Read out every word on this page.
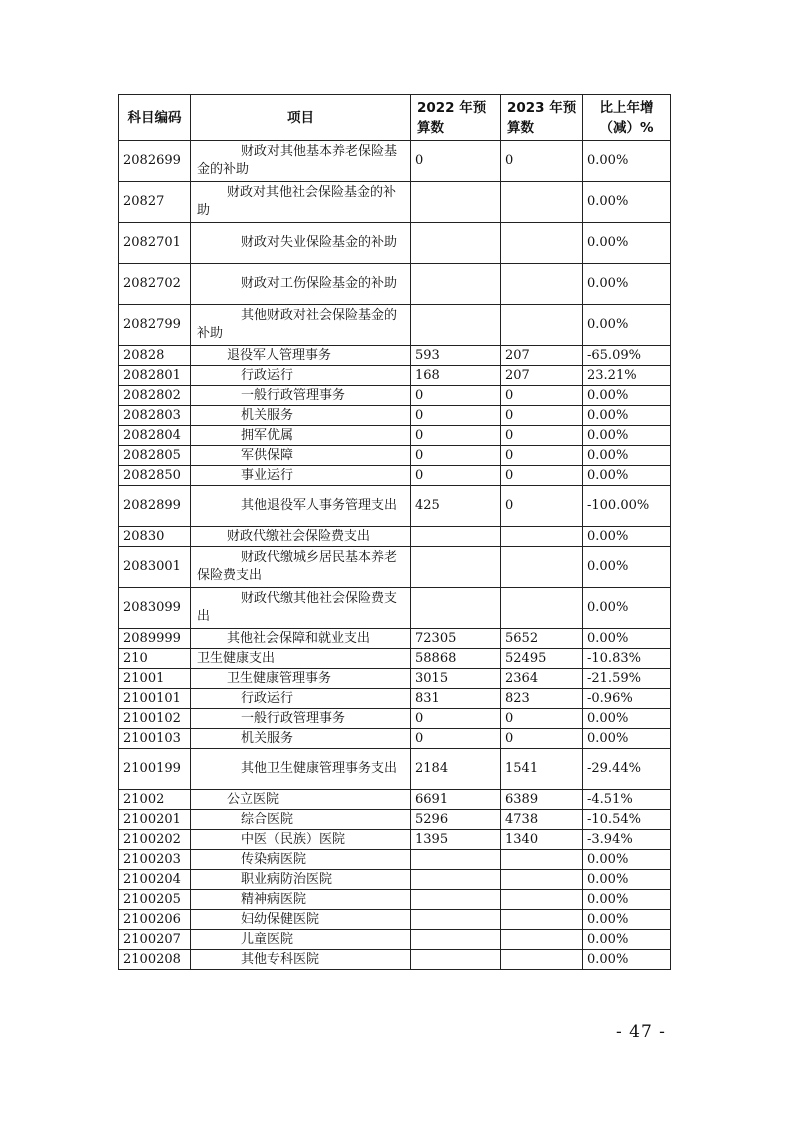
科目编码	项目	2022 年预算数	2023 年预算数	比上年增（减）%

2082699	财政对其他基本养老保险基金的补助	0	0	0.00%

20827	财政对其他社会保险基金的补助			0.00%

2082701	财政对失业保险基金的补助			0.00%

2082702	财政对工伤保险基金的补助			0.00%

2082799	其他财政对社会保险基金的补助			0.00%

20828	退役军人管理事务	593	207	-65.09%

2082801	行政运行	168	207	23.21%

2082802	一般行政管理事务	0	0	0.00%

2082803	机关服务	0	0	0.00%

2082804	拥军优属	0	0	0.00%

2082805	军供保障	0	0	0.00%

2082850	事业运行	0	0	0.00%

2082899	其他退役军人事务管理支出	425	0	-100.00%

20830	财政代缴社会保险费支出			0.00%

2083001	财政代缴城乡居民基本养老保险费支出			0.00%

2083099	财政代缴其他社会保险费支出			0.00%

2089999	其他社会保障和就业支出	72305	5652	0.00%

210	卫生健康支出	58868	52495	-10.83%

21001	卫生健康管理事务	3015	2364	-21.59%

2100101	行政运行	831	823	-0.96%

2100102	一般行政管理事务	0	0	0.00%

2100103	机关服务	0	0	0.00%

2100199	其他卫生健康管理事务支出	2184	1541	-29.44%

21002	公立医院	6691	6389	-4.51%

2100201	综合医院	5296	4738	-10.54%

2100202	中医（民族）医院	1395	1340	-3.94%

2100203	传染病医院			0.00%

2100204	职业病防治医院			0.00%

2100205	精神病医院			0.00%

2100206	妇幼保健医院			0.00%

2100207	儿童医院			0.00%

2100208	其他专科医院			0.00%
- 47 -
